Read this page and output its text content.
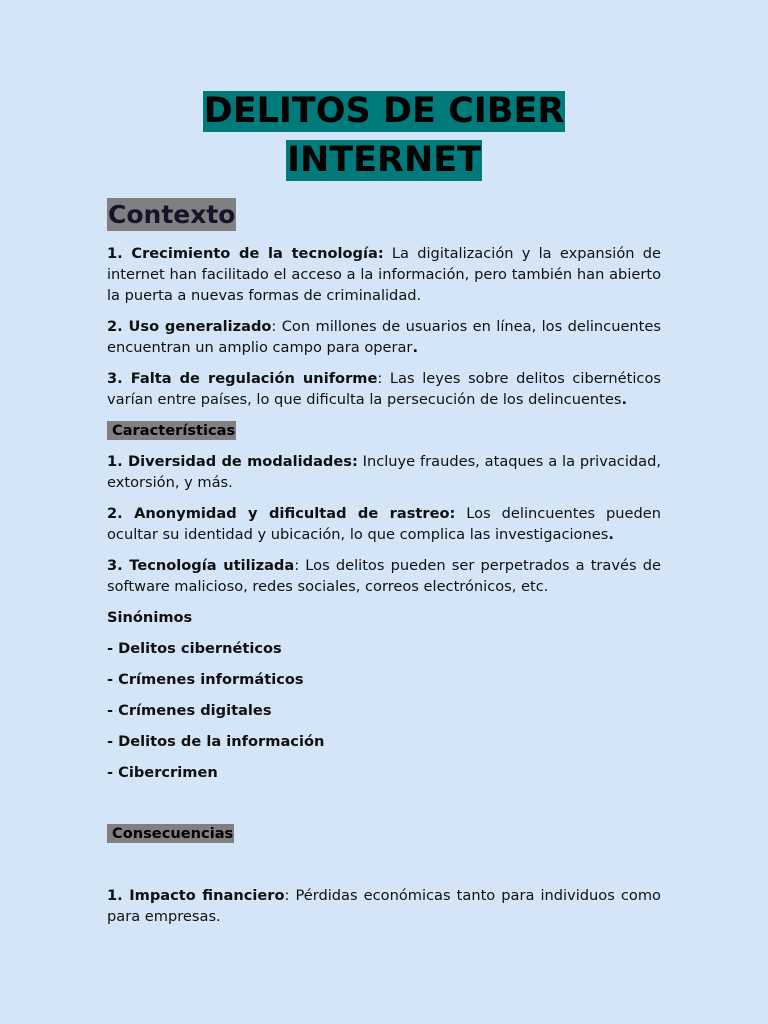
DELITOS DE CIBER
INTERNET
Contexto

1. Crecimiento de la tecnología: La digitalización y la expansión de internet han facilitado el acceso a la información, pero también han abierto la puerta a nuevas formas de criminalidad.

2. Uso generalizado: Con millones de usuarios en línea, los delincuentes encuentran un amplio campo para operar.

3. Falta de regulación uniforme: Las leyes sobre delitos cibernéticos varían entre países, lo que dificulta la persecución de los delincuentes.

Características

1. Diversidad de modalidades: Incluye fraudes, ataques a la privacidad, extorsión, y más.

2. Anonymidad y dificultad de rastreo: Los delincuentes pueden ocultar su identidad y ubicación, lo que complica las investigaciones.

3. Tecnología utilizada: Los delitos pueden ser perpetrados a través de software malicioso, redes sociales, correos electrónicos, etc.

Sinónimos
- Delitos cibernéticos
- Crímenes informáticos
- Crímenes digitales
- Delitos de la información
- Cibercrimen

Consecuencias

1. Impacto financiero: Pérdidas económicas tanto para individuos como para empresas.
